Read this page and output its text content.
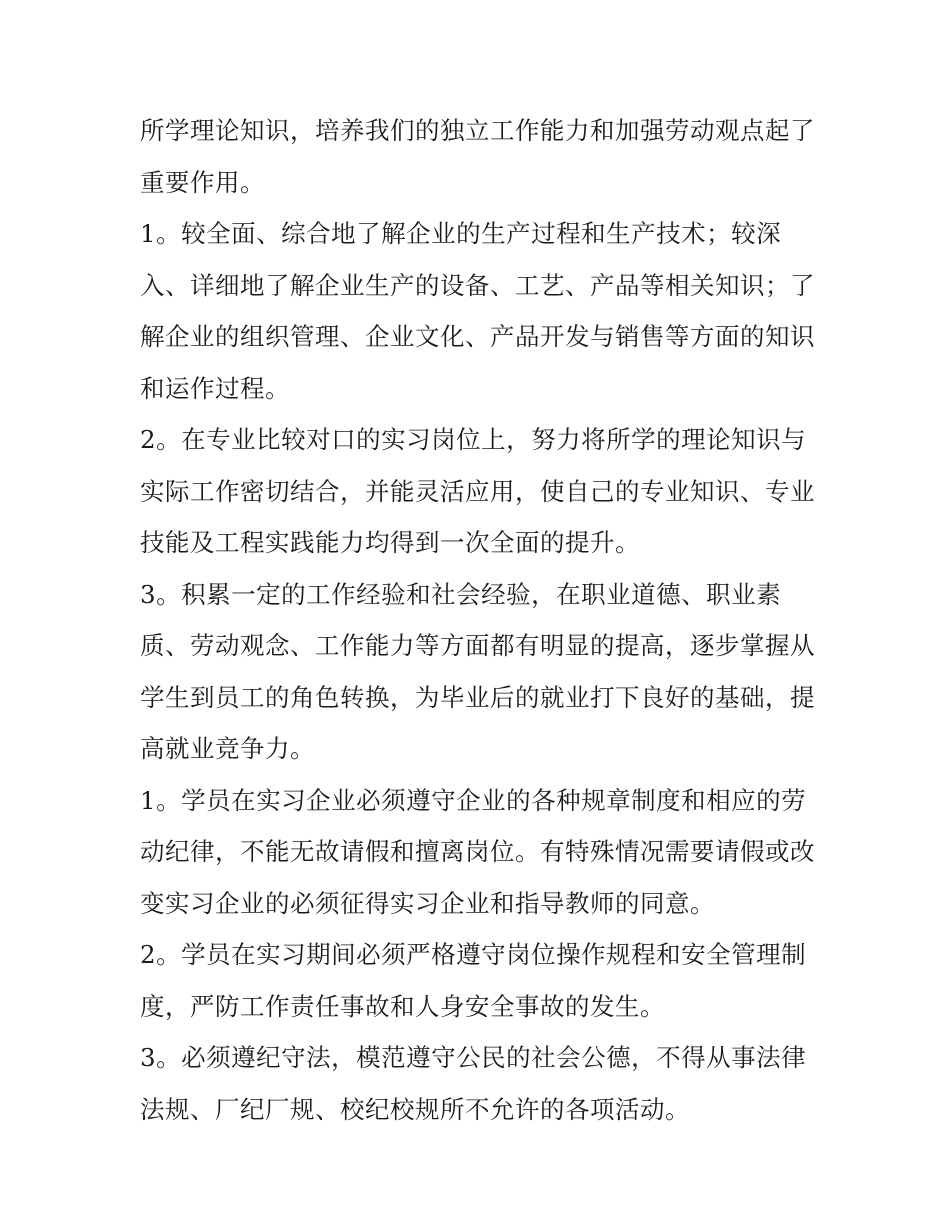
所学理论知识，培养我们的独立工作能力和加强劳动观点起了
重要作用。
1。较全面、综合地了解企业的生产过程和生产技术；较深
入、详细地了解企业生产的设备、工艺、产品等相关知识；了
解企业的组织管理、企业文化、产品开发与销售等方面的知识
和运作过程。
2。在专业比较对口的实习岗位上，努力将所学的理论知识与
实际工作密切结合，并能灵活应用，使自己的专业知识、专业
技能及工程实践能力均得到一次全面的提升。
3。积累一定的工作经验和社会经验，在职业道德、职业素
质、劳动观念、工作能力等方面都有明显的提高，逐步掌握从
学生到员工的角色转换，为毕业后的就业打下良好的基础，提
高就业竞争力。
1。学员在实习企业必须遵守企业的各种规章制度和相应的劳
动纪律，不能无故请假和擅离岗位。有特殊情况需要请假或改
变实习企业的必须征得实习企业和指导教师的同意。
2。学员在实习期间必须严格遵守岗位操作规程和安全管理制
度，严防工作责任事故和人身安全事故的发生。
3。必须遵纪守法，模范遵守公民的社会公德，不得从事法律
法规、厂纪厂规、校纪校规所不允许的各项活动。
